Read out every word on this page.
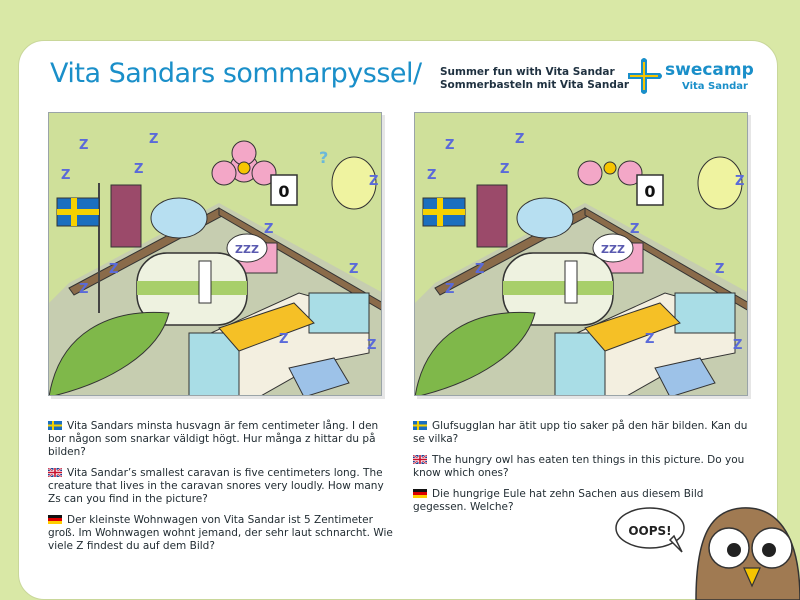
Vita Sandars sommarpyssel/ Summer fun with Vita Sandar
Sommerbasteln mit Vita Sandar
swecamp
Vita Sandar
0
?
ZZZ
Z	Z
Z
Z
Z
Z
Z
Z
Z
Z
Z
0
ZZZ
Z	Z
Z
Z
Z
Z
Z
Z
Z
Z
Z
Vita Sandars minsta husvagn är fem centimeter lång. I den bor någon som snarkar väldigt högt. Hur många z hittar du på bilden?
Vita Sandar’s smallest caravan is five centimeters long. The creature that lives in the caravan snores very loudly. How many Zs can you find in the picture?
Der kleinste Wohnwagen von Vita Sandar ist 5 Zentimeter groß. Im Wohnwagen wohnt jemand, der sehr laut schnarcht. Wie viele Z findest du auf dem Bild?
Glufsugglan har ätit upp tio saker på den här bilden. Kan du se vilka?
The hungry owl has eaten ten things in this picture. Do you know which ones?
Die hungrige Eule hat zehn Sachen aus diesem Bild gegessen. Welche?
OOPS!
